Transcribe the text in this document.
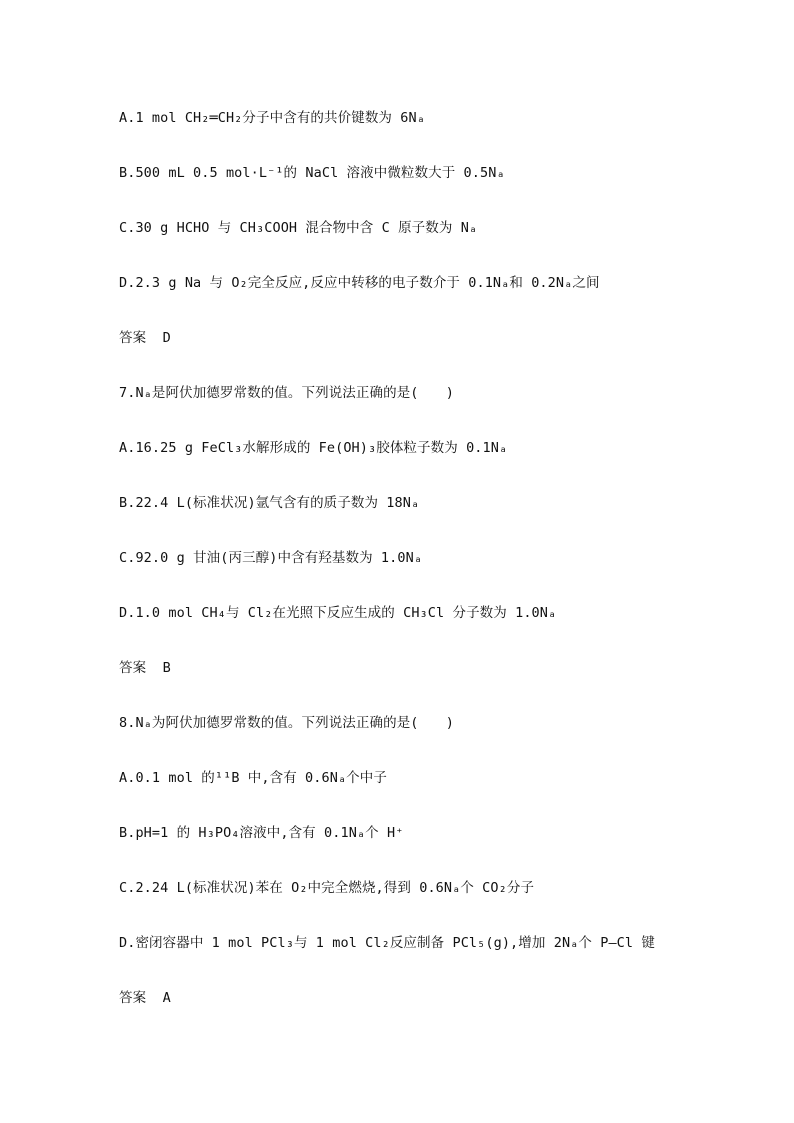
A.1 mol CH₂═CH₂分子中含有的共价键数为 6Nₐ
B.500 mL 0.5 mol·L⁻¹的 NaCl 溶液中微粒数大于 0.5Nₐ
C.30 g HCHO 与 CH₃COOH 混合物中含 C 原子数为 Nₐ
D.2.3 g Na 与 O₂完全反应,反应中转移的电子数介于 0.1Nₐ和 0.2Nₐ之间
答案  D
7.Nₐ是阿伏加德罗常数的值。下列说法正确的是(　　)
A.16.25 g FeCl₃水解形成的 Fe(OH)₃胶体粒子数为 0.1Nₐ
B.22.4 L(标准状况)氩气含有的质子数为 18Nₐ
C.92.0 g 甘油(丙三醇)中含有羟基数为 1.0Nₐ
D.1.0 mol CH₄与 Cl₂在光照下反应生成的 CH₃Cl 分子数为 1.0Nₐ
答案  B
8.Nₐ为阿伏加德罗常数的值。下列说法正确的是(　　)
A.0.1 mol 的¹¹B 中,含有 0.6Nₐ个中子
B.pH=1 的 H₃PO₄溶液中,含有 0.1Nₐ个 H⁺
C.2.24 L(标准状况)苯在 O₂中完全燃烧,得到 0.6Nₐ个 CO₂分子
D.密闭容器中 1 mol PCl₃与 1 mol Cl₂反应制备 PCl₅(g),增加 2Nₐ个 P—Cl 键
答案  A
